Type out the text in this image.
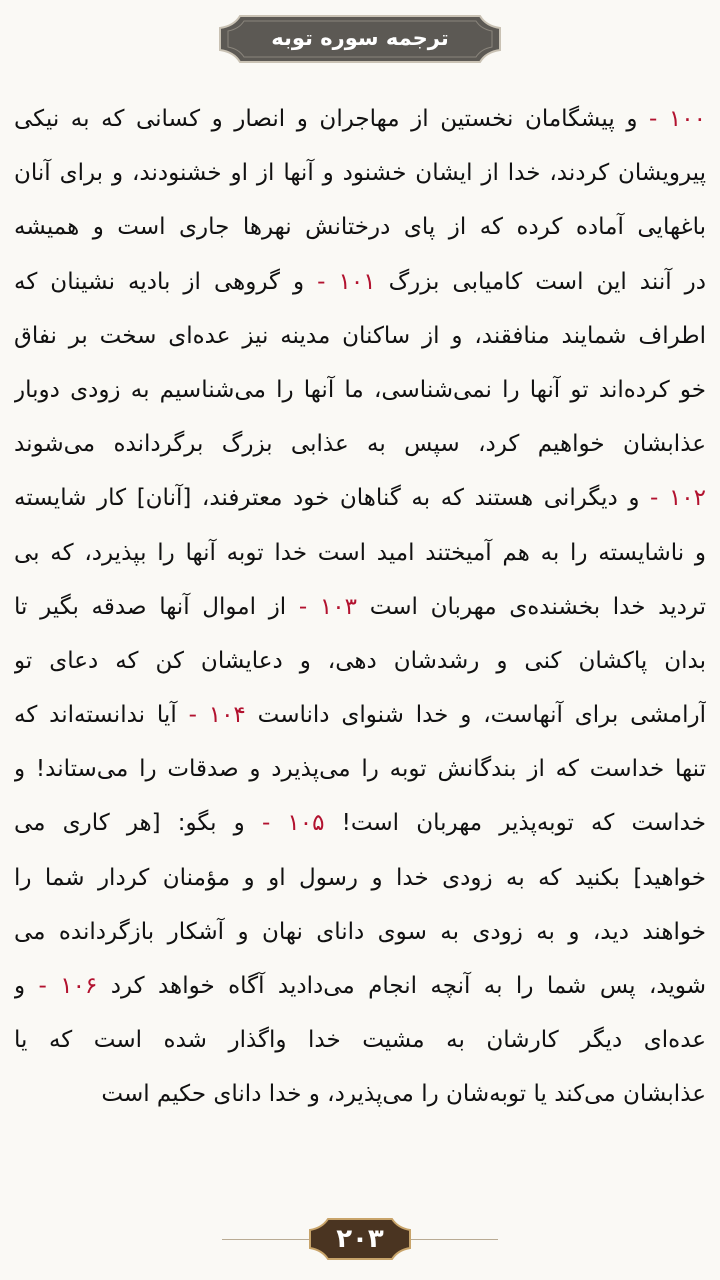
ترجمه سوره توبه
۱۰۰ - و پیشگامان نخستین از مهاجران و انصار و کسانی که به نیکی
پیرویشان کردند، خدا از ایشان خشنود و آنها از او خشنودند، و برای آنان
باغهایی آماده کرده که از پای درختانش نهرها جاری است و همیشه
در آنند این است کامیابی بزرگ ۱۰۱ - و گروهی از بادیه نشینان که
اطراف شمایند منافقند، و از ساکنان مدینه نیز عده‌ای سخت بر نفاق
خو کرده‌اند تو آنها را نمی‌شناسی، ما آنها را می‌شناسیم به زودی دوبار
عذابشان خواهیم کرد، سپس به عذابی بزرگ برگردانده می‌شوند
۱۰۲ - و دیگرانی هستند که به گناهان خود معترفند، [آنان] کار شایسته
و ناشایسته را به هم آمیختند امید است خدا توبه آنها را بپذیرد، که بی
تردید خدا بخشنده‌ی مهربان است ۱۰۳ - از اموال آنها صدقه بگیر تا
بدان پاکشان کنی و رشدشان دهی، و دعایشان کن که دعای تو
آرامشی برای آنهاست، و خدا شنوای داناست ۱۰۴ - آیا ندانسته‌اند که
تنها خداست که از بندگانش توبه را می‌پذیرد و صدقات را می‌ستاند! و
خداست که توبه‌پذیر مهربان است! ۱۰۵ - و بگو: [هر کاری می
خواهید] بکنید که به زودی خدا و رسول او و مؤمنان کردار شما را
خواهند دید، و به زودی به سوی دانای نهان و آشکار بازگردانده می
شوید، پس شما را به آنچه انجام می‌دادید آگاه خواهد کرد ۱۰۶ - و
عده‌ای دیگر کارشان به مشیت خدا واگذار شده است که یا
عذابشان می‌کند یا توبه‌شان را می‌پذیرد، و خدا دانای حکیم است
۲۰۳
